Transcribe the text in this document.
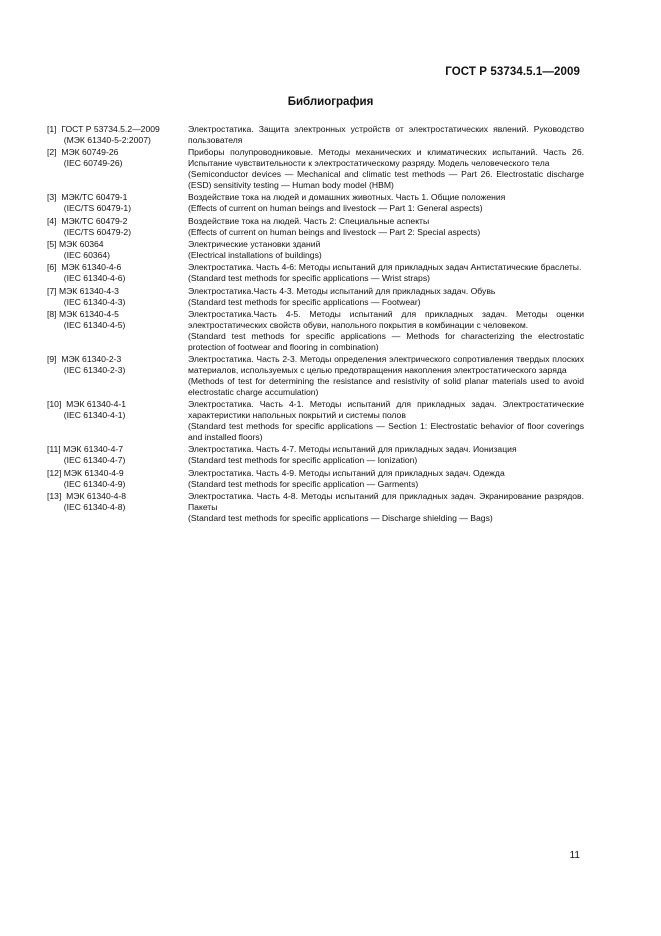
ГОСТ Р 53734.5.1—2009
Библиография
[1]  ГОСТ Р 53734.5.2—2009
(МЭК 61340-5-2:2007)
Электростатика. Защита электронных устройств от электростатических явлений. Руководство пользователя
[2]  МЭК 60749-26
(IEC 60749-26)
Приборы полупроводниковые. Методы механических и климатических испытаний. Часть 26. Испытание чувствительности к электростатическому разряду. Модель человеческого тела
(Semiconductor devices — Mechanical and climatic test methods — Part 26. Electrostatic discharge (ESD) sensitivity testing — Human body model (HBM)
[3]  МЭК/ТС 60479-1
(IEC/TS 60479-1)
Воздействие тока на людей и домашних животных. Часть 1. Общие положения
(Effects of current on human beings and livestock — Part 1: General aspects)
[4]  МЭК/ТС 60479-2
(IEC/TS 60479-2)
Воздействие тока на людей. Часть 2: Специальные аспекты
(Effects of current on human beings and livestock — Part 2: Special aspects)
[5] МЭК 60364
(IEC 60364)
Электрические установки зданий
(Electrical installations of buildings)
[6]  МЭК 61340-4-6
(IEC 61340-4-6)
Электростатика. Часть 4-6: Методы испытаний для прикладных задач Антистатические браслеты.
(Standard test methods for specific applications — Wrist straps)
[7] МЭК 61340-4-3
(IEC 61340-4-3)
Электростатика.Часть 4-3. Методы испытаний для прикладных задач. Обувь
(Standard test methods for specific applications — Footwear)
[8] МЭК 61340-4-5
(IEC 61340-4-5)
Электростатика.Часть 4-5. Методы испытаний для прикладных задач. Методы оценки электростатических свойств обуви, напольного покрытия в комбинации с человеком.
(Standard test methods for specific applications — Methods for characterizing the electrostatic protection of footwear and flooring in combination)
[9]  МЭК 61340-2-3
(IEC 61340-2-3)
Электростатика. Часть 2-3. Методы определения электрического сопротивления твердых плоских материалов, используемых с целью предотвращения накопления электростатического заряда
(Methods of test for determining the resistance and resistivity of solid planar materials used to avoid electrostatic charge accumulation)
[10]  МЭК 61340-4-1
(IEC 61340-4-1)
Электростатика. Часть 4-1. Методы испытаний для прикладных задач. Электростатические характеристики напольных покрытий и системы полов
(Standard test methods for specific applications — Section 1: Electrostatic behavior of floor coverings and installed floors)
[11] МЭК 61340-4-7
(IEC 61340-4-7)
Электростатика. Часть 4-7. Методы испытаний для прикладных задач. Ионизация
(Standard test methods for specific application — Ionization)
[12] МЭК 61340-4-9
(IEC 61340-4-9)
Электростатика. Часть 4-9. Методы испытаний для прикладных задач. Одежда
(Standard test methods for specific application — Garments)
[13]  МЭК 61340-4-8
(IEC 61340-4-8)
Электростатика. Часть 4-8. Методы испытаний для прикладных задач. Экранирование разрядов. Пакеты
(Standard test methods for specific applications — Discharge shielding — Bags)
11
